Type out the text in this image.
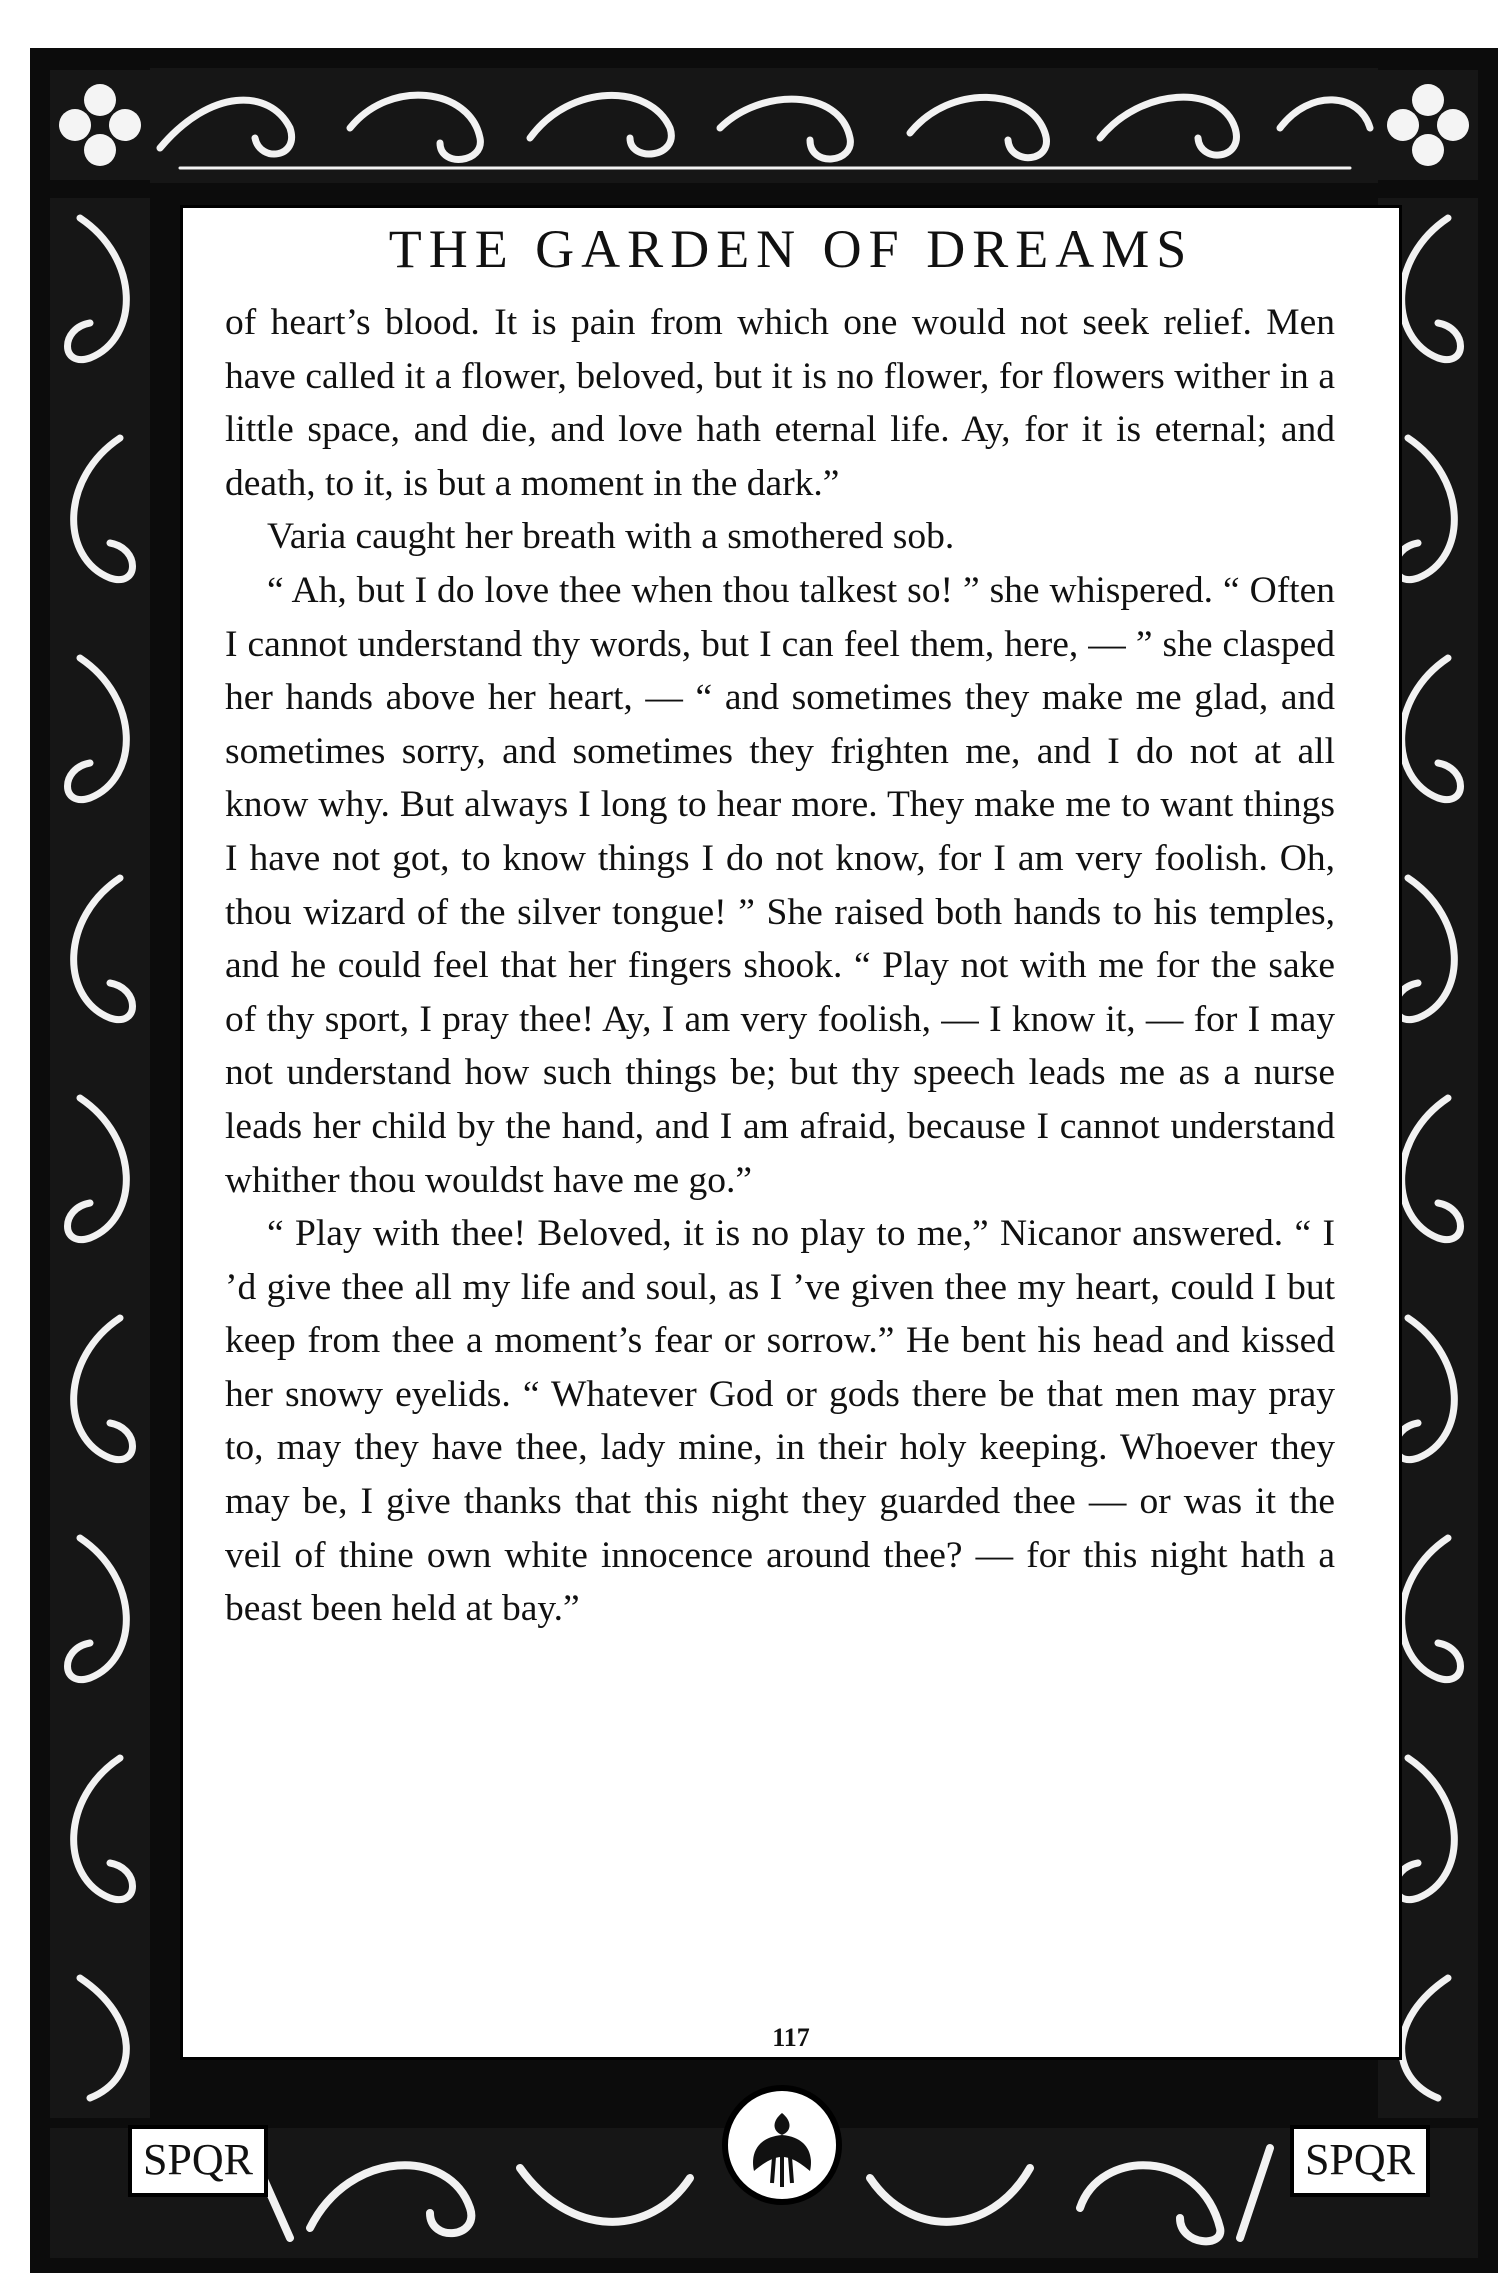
SPQR	SPQR
THE GARDEN OF DREAMS

of heart’s blood. It is pain from which one would not seek relief. Men have called it a flower, beloved, but it is no flower, for flowers wither in a little space, and die, and love hath eternal life. Ay, for it is eternal; and death, to it, is but a moment in the dark.”

Varia caught her breath with a smothered sob.

“ Ah, but I do love thee when thou talkest so! ” she whispered. “ Often I cannot understand thy words, but I can feel them, here, — ” she clasped her hands above her heart, — “ and sometimes they make me glad, and sometimes sorry, and sometimes they frighten me, and I do not at all know why. But always I long to hear more. They make me to want things I have not got, to know things I do not know, for I am very foolish. Oh, thou wizard of the silver tongue! ” She raised both hands to his temples, and he could feel that her fingers shook. “ Play not with me for the sake of thy sport, I pray thee! Ay, I am very foolish, — I know it, — for I may not understand how such things be; but thy speech leads me as a nurse leads her child by the hand, and I am afraid, because I cannot understand whither thou wouldst have me go.”

“ Play with thee! Beloved, it is no play to me,” Nicanor answered. “ I ’d give thee all my life and soul, as I ’ve given thee my heart, could I but keep from thee a moment’s fear or sorrow.” He bent his head and kissed her snowy eyelids. “ Whatever God or gods there be that men may pray to, may they have thee, lady mine, in their holy keeping. Whoever they may be, I give thanks that this night they guarded thee — or was it the veil of thine own white innocence around thee? — for this night hath a beast been held at bay.”

117
